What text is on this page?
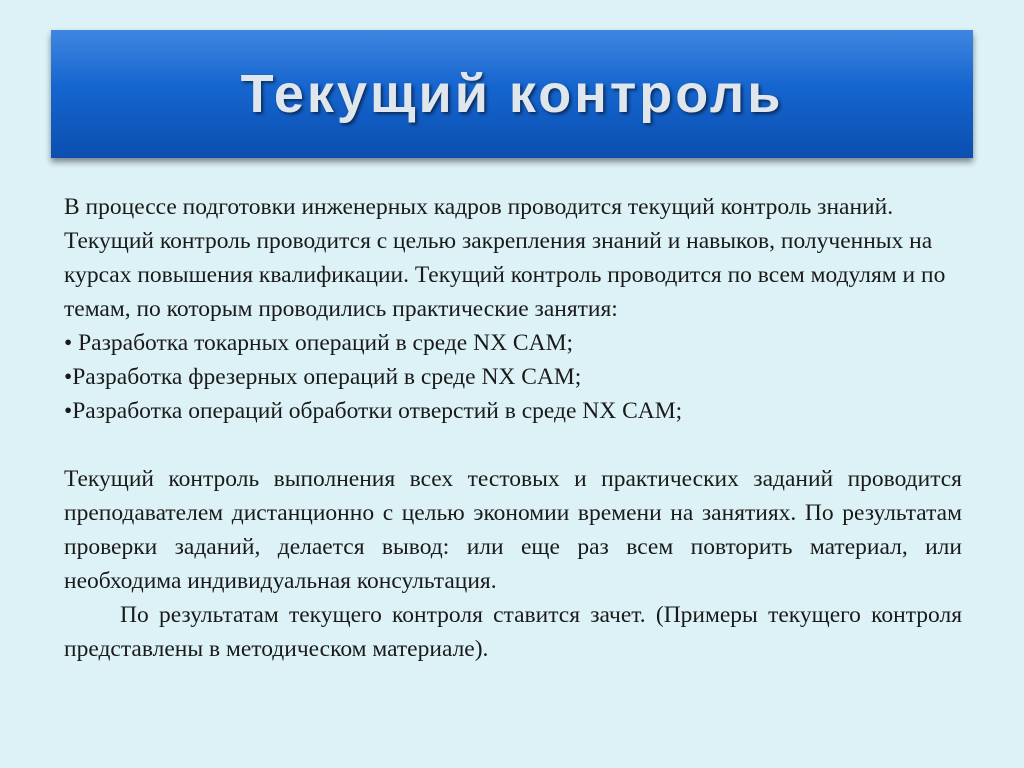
Текущий контроль

В процессе подготовки инженерных кадров проводится текущий контроль знаний. Текущий контроль проводится с целью закрепления знаний и навыков, полученных на курсах повышения квалификации. Текущий контроль проводится по всем модулям и по темам, по которым проводились практические занятия:

• Разработка токарных операций в среде NX CAM;
•Разработка фрезерных операций в среде NX CAM;
•Разработка операций обработки отверстий в среде NX CAM;

Текущий контроль выполнения всех тестовых и практических заданий проводится преподавателем дистанционно с целью экономии времени на занятиях. По результатам проверки заданий, делается вывод: или еще раз всем повторить материал, или необходима индивидуальная консультация.

По результатам текущего контроля ставится зачет. (Примеры текущего контроля представлены в методическом материале).
